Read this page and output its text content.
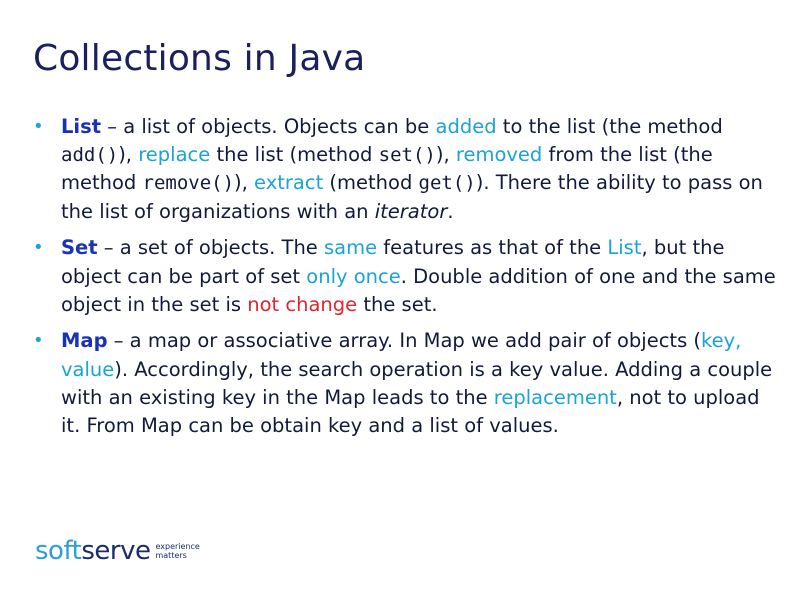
Collections in Java
• List – a list of objects. Objects can be added to the list (the method add()), replace the list (method set()), removed from the list (the method remove()), extract (method get()). There the ability to pass on the list of organizations with an iterator.
• Set – a set of objects. The same features as that of the List, but the object can be part of set only once. Double addition of one and the same object in the set is not change the set.
• Map – a map or associative array. In Map we add pair of objects (key, value). Accordingly, the search operation is a key value. Adding a couple with an existing key in the Map leads to the replacement, not to upload it. From Map can be obtain key and a list of values.
softserve experience
matters
